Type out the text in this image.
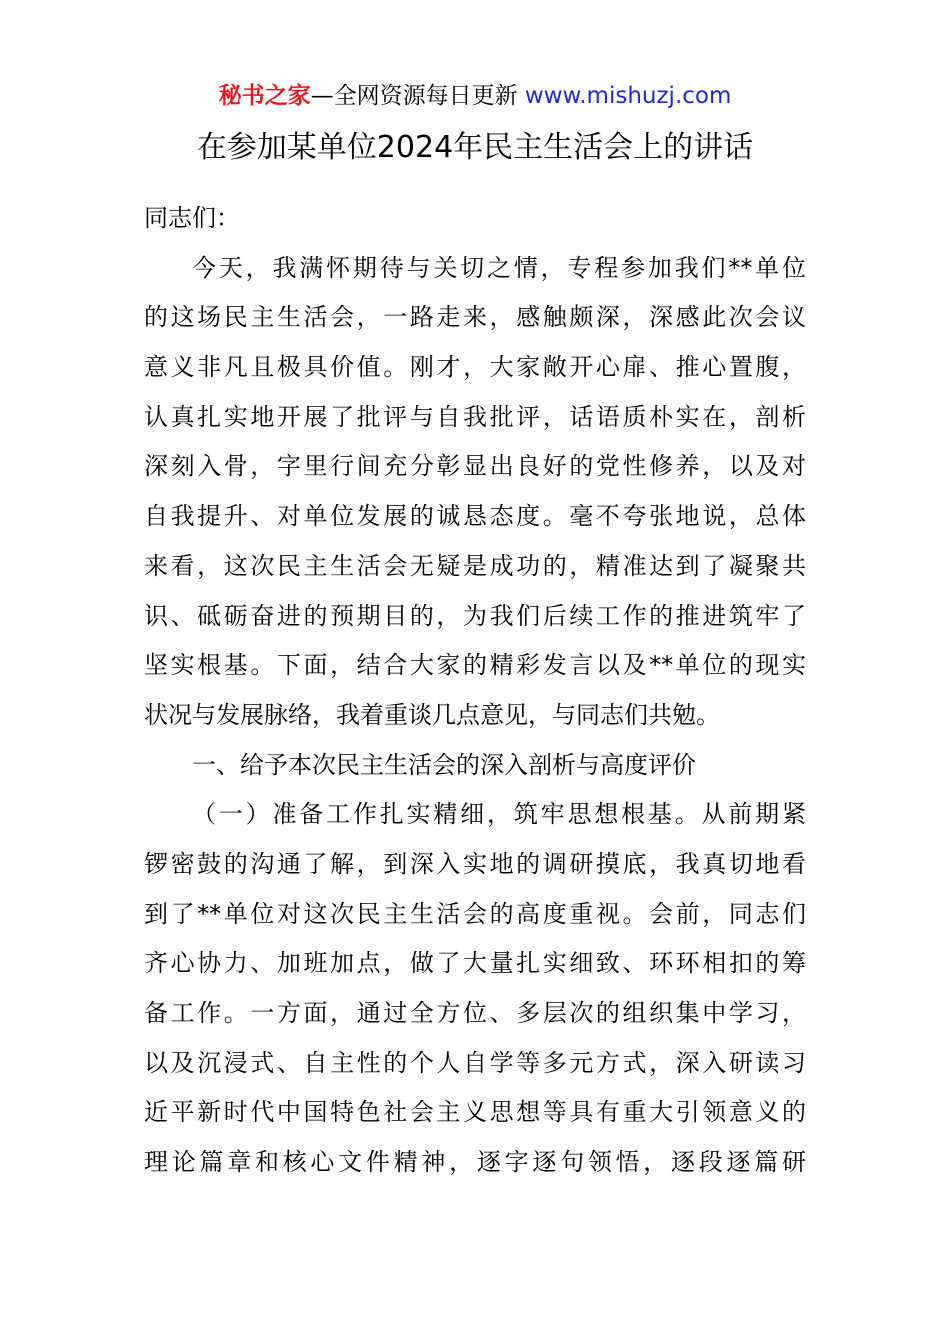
秘书之家—全网资源每日更新 www.mishuzj.com
在参加某单位2024年民主生活会上的讲话
同志们：
今天，我满怀期待与关切之情，专程参加我们**单位
的这场民主生活会，一路走来，感触颇深，深感此次会议
意义非凡且极具价值。刚才，大家敞开心扉、推心置腹，
认真扎实地开展了批评与自我批评，话语质朴实在，剖析
深刻入骨，字里行间充分彰显出良好的党性修养，以及对
自我提升、对单位发展的诚恳态度。毫不夸张地说，总体
来看，这次民主生活会无疑是成功的，精准达到了凝聚共
识、砥砺奋进的预期目的，为我们后续工作的推进筑牢了
坚实根基。下面，结合大家的精彩发言以及**单位的现实
状况与发展脉络，我着重谈几点意见，与同志们共勉。
一、给予本次民主生活会的深入剖析与高度评价
（一）准备工作扎实精细，筑牢思想根基。从前期紧
锣密鼓的沟通了解，到深入实地的调研摸底，我真切地看
到了**单位对这次民主生活会的高度重视。会前，同志们
齐心协力、加班加点，做了大量扎实细致、环环相扣的筹
备工作。一方面，通过全方位、多层次的组织集中学习，
以及沉浸式、自主性的个人自学等多元方式，深入研读习
近平新时代中国特色社会主义思想等具有重大引领意义的
理论篇章和核心文件精神，逐字逐句领悟，逐段逐篇研
